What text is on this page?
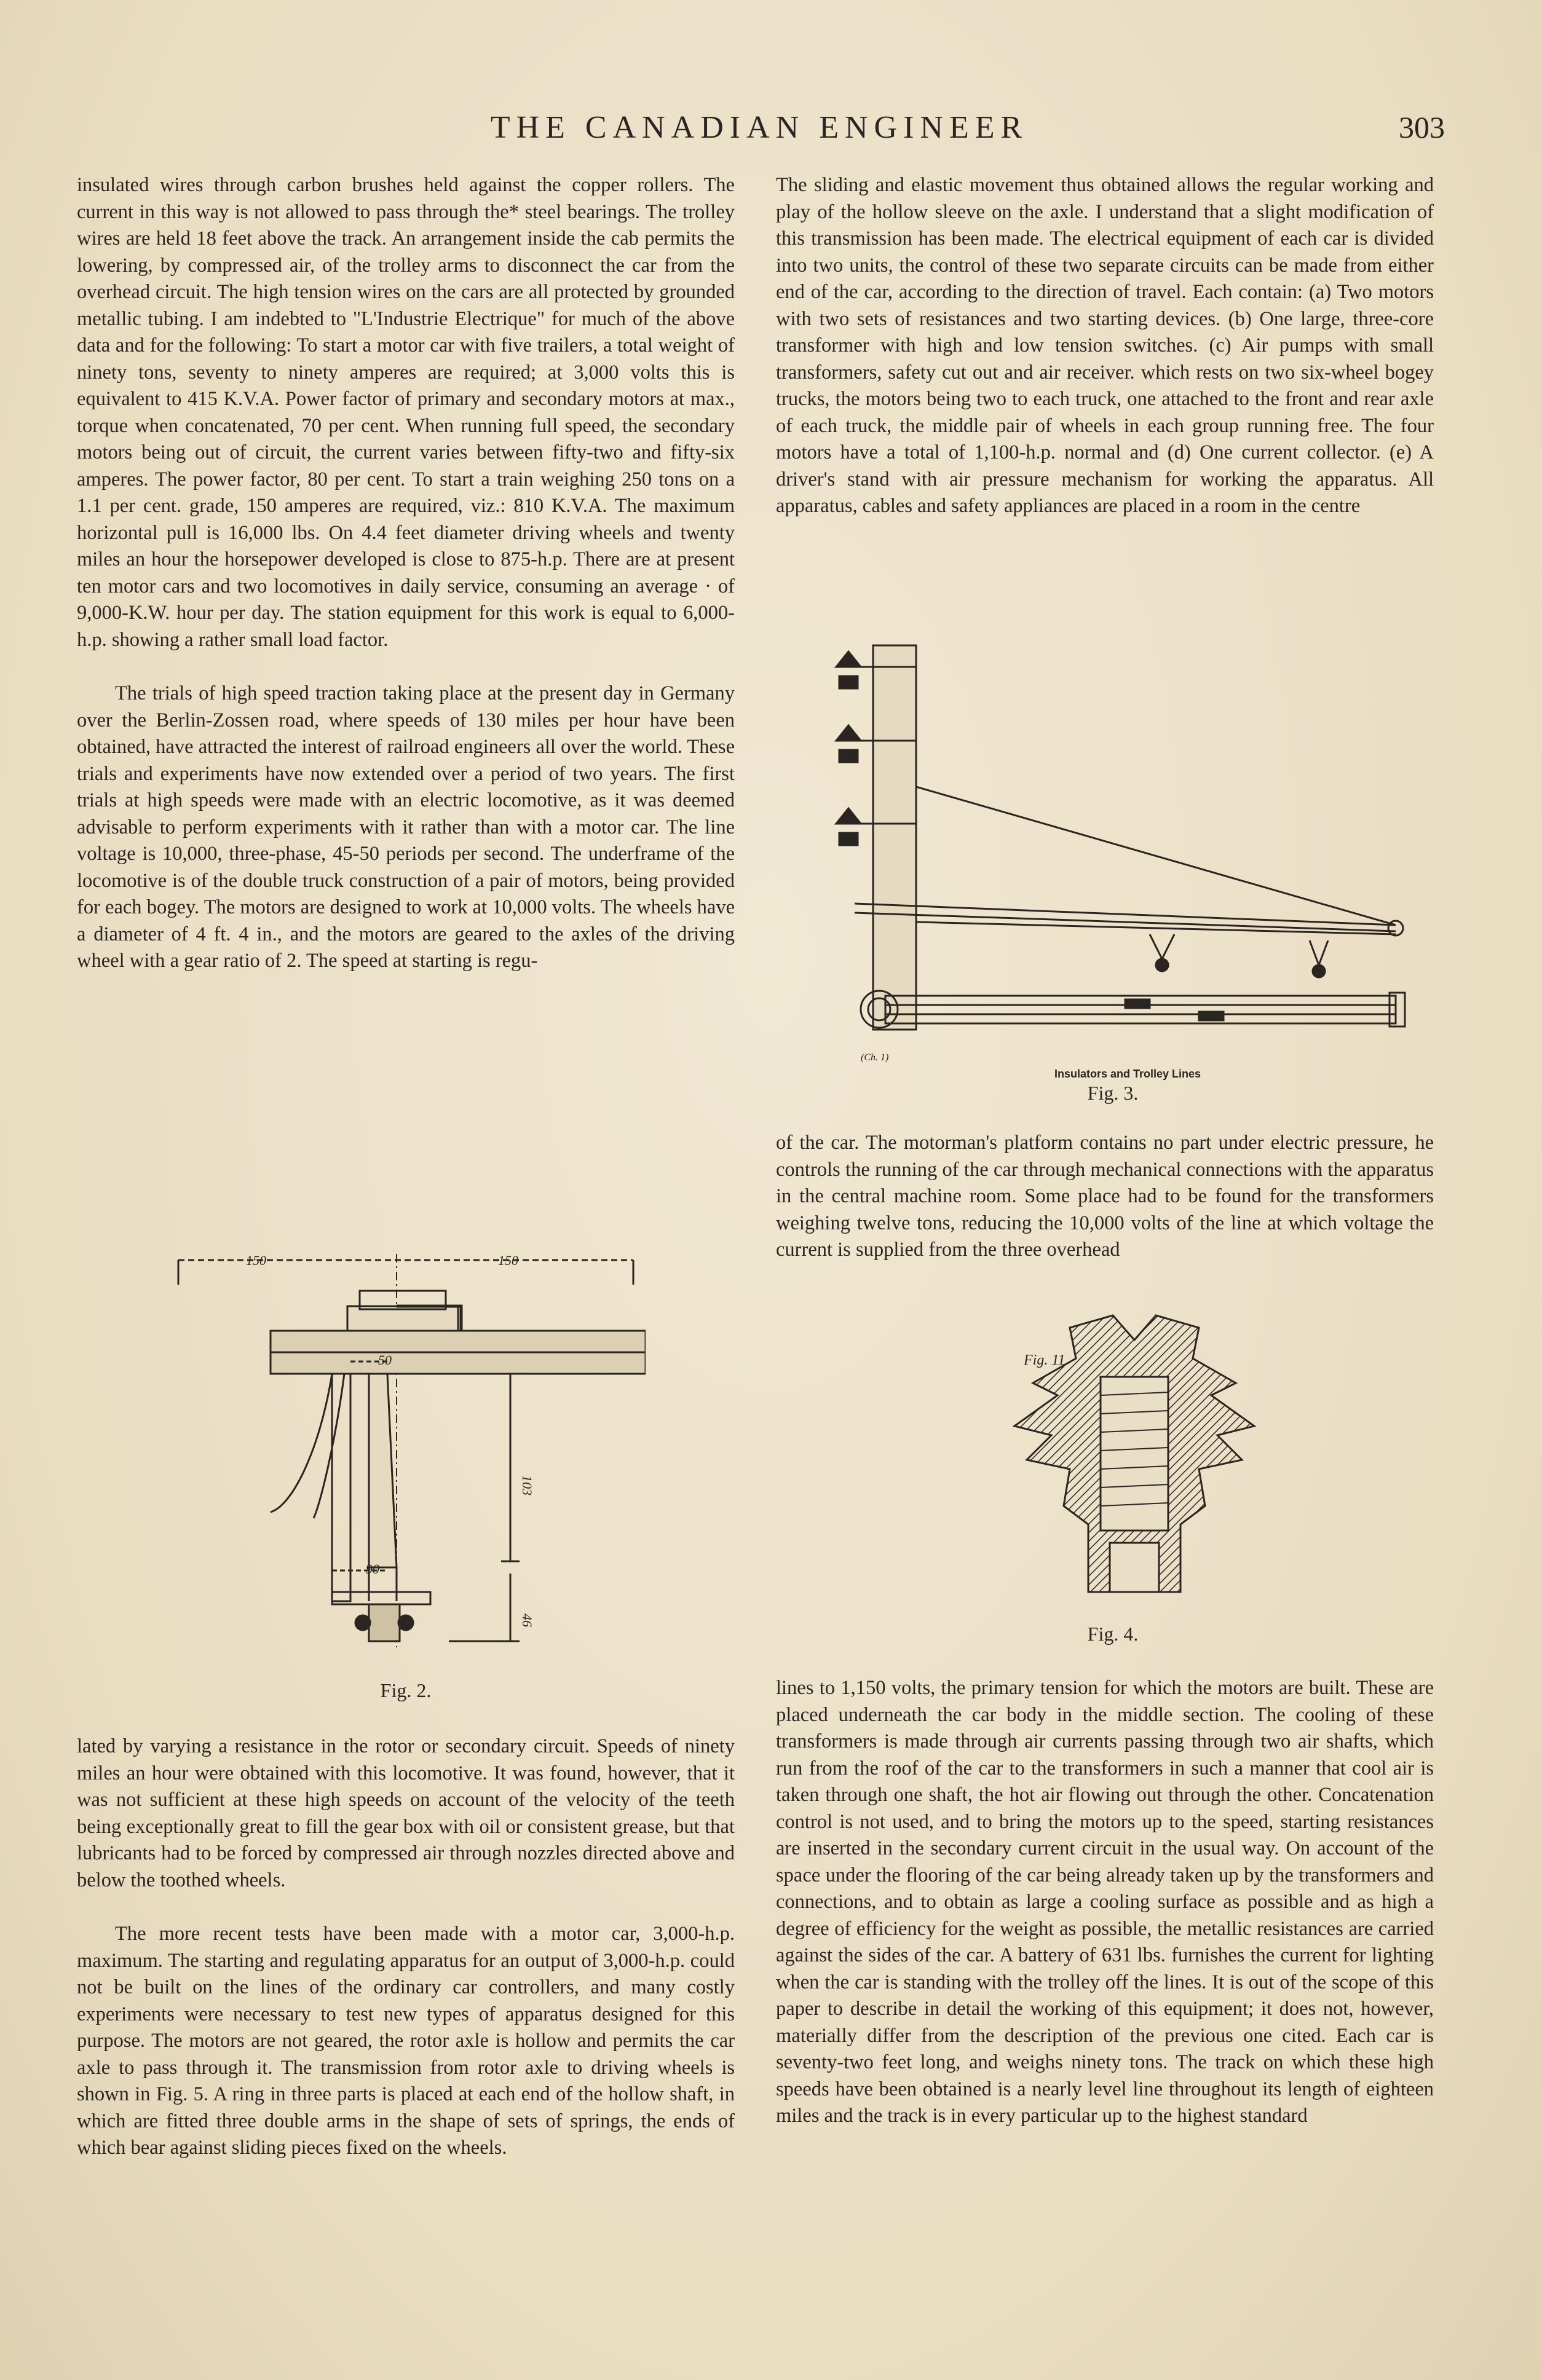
THE CANADIAN ENGINEER	303

insulated wires through carbon brushes held against the copper rollers. The current in this way is not allowed to pass through the* steel bearings. The trolley wires are held 18 feet above the track. An arrangement inside the cab permits the lowering, by compressed air, of the trolley arms to disconnect the car from the overhead circuit. The high tension wires on the cars are all protected by grounded metallic tubing. I am indebted to "L'Industrie Electrique" for much of the above data and for the following: To start a motor car with five trailers, a total weight of ninety tons, seventy to ninety amperes are required; at 3,000 volts this is equivalent to 415 K.V.A. Power factor of primary and secondary motors at max., torque when concatenated, 70 per cent. When running full speed, the secondary motors being out of circuit, the current varies between fifty-two and fifty-six amperes. The power factor, 80 per cent. To start a train weighing 250 tons on a 1.1 per cent. grade, 150 amperes are required, viz.: 810 K.V.A. The maximum horizontal pull is 16,000 lbs. On 4.4 feet diameter driving wheels and twenty miles an hour the horsepower developed is close to 875-h.p. There are at present ten motor cars and two locomotives in daily service, consuming an average · of 9,000-K.W. hour per day. The station equipment for this work is equal to 6,000-h.p. showing a rather small load factor.

The trials of high speed traction taking place at the present day in Germany over the Berlin-Zossen road, where speeds of 130 miles per hour have been obtained, have attracted the interest of railroad engineers all over the world. These trials and experiments have now extended over a period of two years. The first trials at high speeds were made with an electric locomotive, as it was deemed advisable to perform experiments with it rather than with a motor car. The line voltage is 10,000, three-phase, 45-50 periods per second. The underframe of the locomotive is of the double truck construction of a pair of motors, being provided for each bogey. The motors are designed to work at 10,000 volts. The wheels have a diameter of 4 ft. 4 in., and the motors are geared to the axles of the driving wheel with a gear ratio of 2. The speed at starting is regu-

150	150
50
90
103
46
Fig. 2.

lated by varying a resistance in the rotor or secondary circuit. Speeds of ninety miles an hour were obtained with this locomotive. It was found, however, that it was not sufficient at these high speeds on account of the velocity of the teeth being exceptionally great to fill the gear box with oil or consistent grease, but that lubricants had to be forced by compressed air through nozzles directed above and below the toothed wheels.

The more recent tests have been made with a motor car, 3,000-h.p. maximum. The starting and regulating apparatus for an output of 3,000-h.p. could not be built on the lines of the ordinary car controllers, and many costly experiments were necessary to test new types of apparatus designed for this purpose. The motors are not geared, the rotor axle is hollow and permits the car axle to pass through it. The transmission from rotor axle to driving wheels is shown in Fig. 5. A ring in three parts is placed at each end of the hollow shaft, in which are fitted three double arms in the shape of sets of springs, the ends of which bear against sliding pieces fixed on the wheels.

The sliding and elastic movement thus obtained allows the regular working and play of the hollow sleeve on the axle. I understand that a slight modification of this transmission has been made. The electrical equipment of each car is divided into two units, the control of these two separate circuits can be made from either end of the car, according to the direction of travel. Each contain: (a) Two motors with two sets of resistances and two starting devices. (b) One large, three-core transformer with high and low tension switches. (c) Air pumps with small transformers, safety cut out and air receiver. which rests on two six-wheel bogey trucks, the motors being two to each truck, one attached to the front and rear axle of each truck, the middle pair of wheels in each group running free. The four motors have a total of 1,100-h.p. normal and (d) One current collector. (e) A driver's stand with air pressure mechanism for working the apparatus. All apparatus, cables and safety appliances are placed in a room in the centre

(Ch. 1)
Insulators and Trolley Lines
Fig. 3.

of the car. The motorman's platform contains no part under electric pressure, he controls the running of the car through mechanical connections with the apparatus in the central machine room. Some place had to be found for the transformers weighing twelve tons, reducing the 10,000 volts of the line at which voltage the current is supplied from the three overhead

Fig. 11
Fig. 4.

lines to 1,150 volts, the primary tension for which the motors are built. These are placed underneath the car body in the middle section. The cooling of these transformers is made through air currents passing through two air shafts, which run from the roof of the car to the transformers in such a manner that cool air is taken through one shaft, the hot air flowing out through the other. Concatenation control is not used, and to bring the motors up to the speed, starting resistances are inserted in the secondary current circuit in the usual way. On account of the space under the flooring of the car being already taken up by the transformers and connections, and to obtain as large a cooling surface as possible and as high a degree of efficiency for the weight as possible, the metallic resistances are carried against the sides of the car. A battery of 631 lbs. furnishes the current for lighting when the car is standing with the trolley off the lines. It is out of the scope of this paper to describe in detail the working of this equipment; it does not, however, materially differ from the description of the previous one cited. Each car is seventy-two feet long, and weighs ninety tons. The track on which these high speeds have been obtained is a nearly level line throughout its length of eighteen miles and the track is in every particular up to the highest standard
